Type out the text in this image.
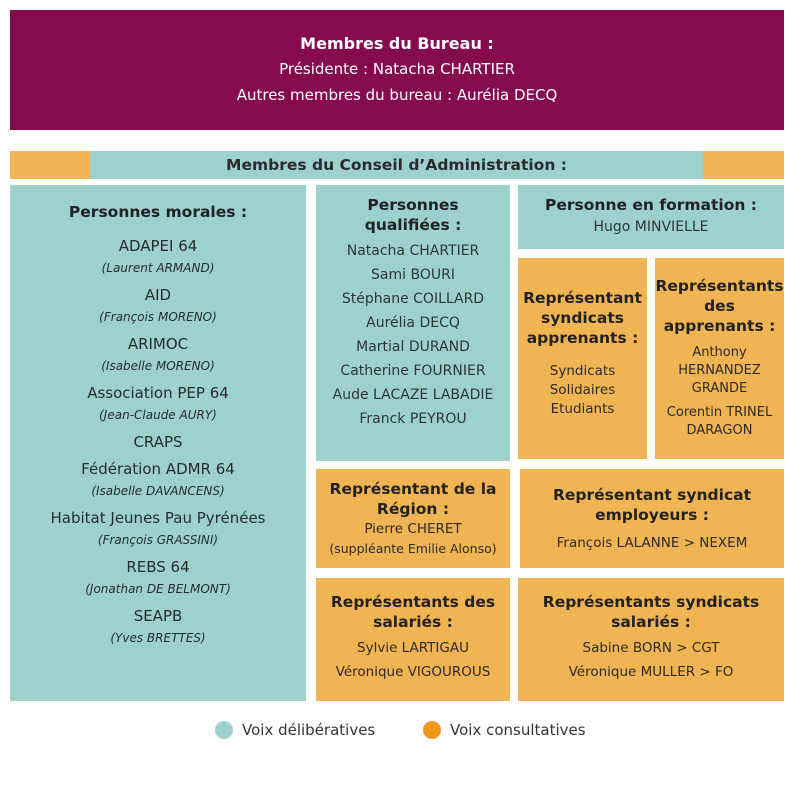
Membres du Bureau :
Présidente : Natacha CHARTIER
Autres membres du bureau : Aurélia DECQ
Membres du Conseil d’Administration :
Personnes morales :
ADAPEI 64
(Laurent ARMAND)
AID
(François MORENO)
ARIMOC
(Isabelle MORENO)
Association PEP 64
(Jean-Claude AURY)
CRAPS
Fédération ADMR 64
(Isabelle DAVANCENS)
Habitat Jeunes Pau Pyrénées
(François GRASSINI)
REBS 64
(Jonathan DE BELMONT)
SEAPB
(Yves BRETTES)
Personnes
qualifiées :
Natacha CHARTIER
Sami BOURI
Stéphane COILLARD
Aurélia DECQ
Martial DURAND
Catherine FOURNIER
Aude LACAZE LABADIE
Franck PEYROU
Personne en formation :
Hugo MINVIELLE
Représentant
syndicats
apprenants :
Syndicats
Solidaires
Etudiants
Représentants
des
apprenants :
Anthony
HERNANDEZ
GRANDE
Corentin TRINEL
DARAGON
Représentant de la
Région :
Pierre CHERET
(suppléante Emilie Alonso)
Représentant syndicat
employeurs :
François LALANNE > NEXEM
Représentants des
salariés :
Sylvie LARTIGAU
Véronique VIGOUROUS
Représentants syndicats
salariés :
Sabine BORN > CGT
Véronique MULLER > FO
Voix délibératives	Voix consultatives
